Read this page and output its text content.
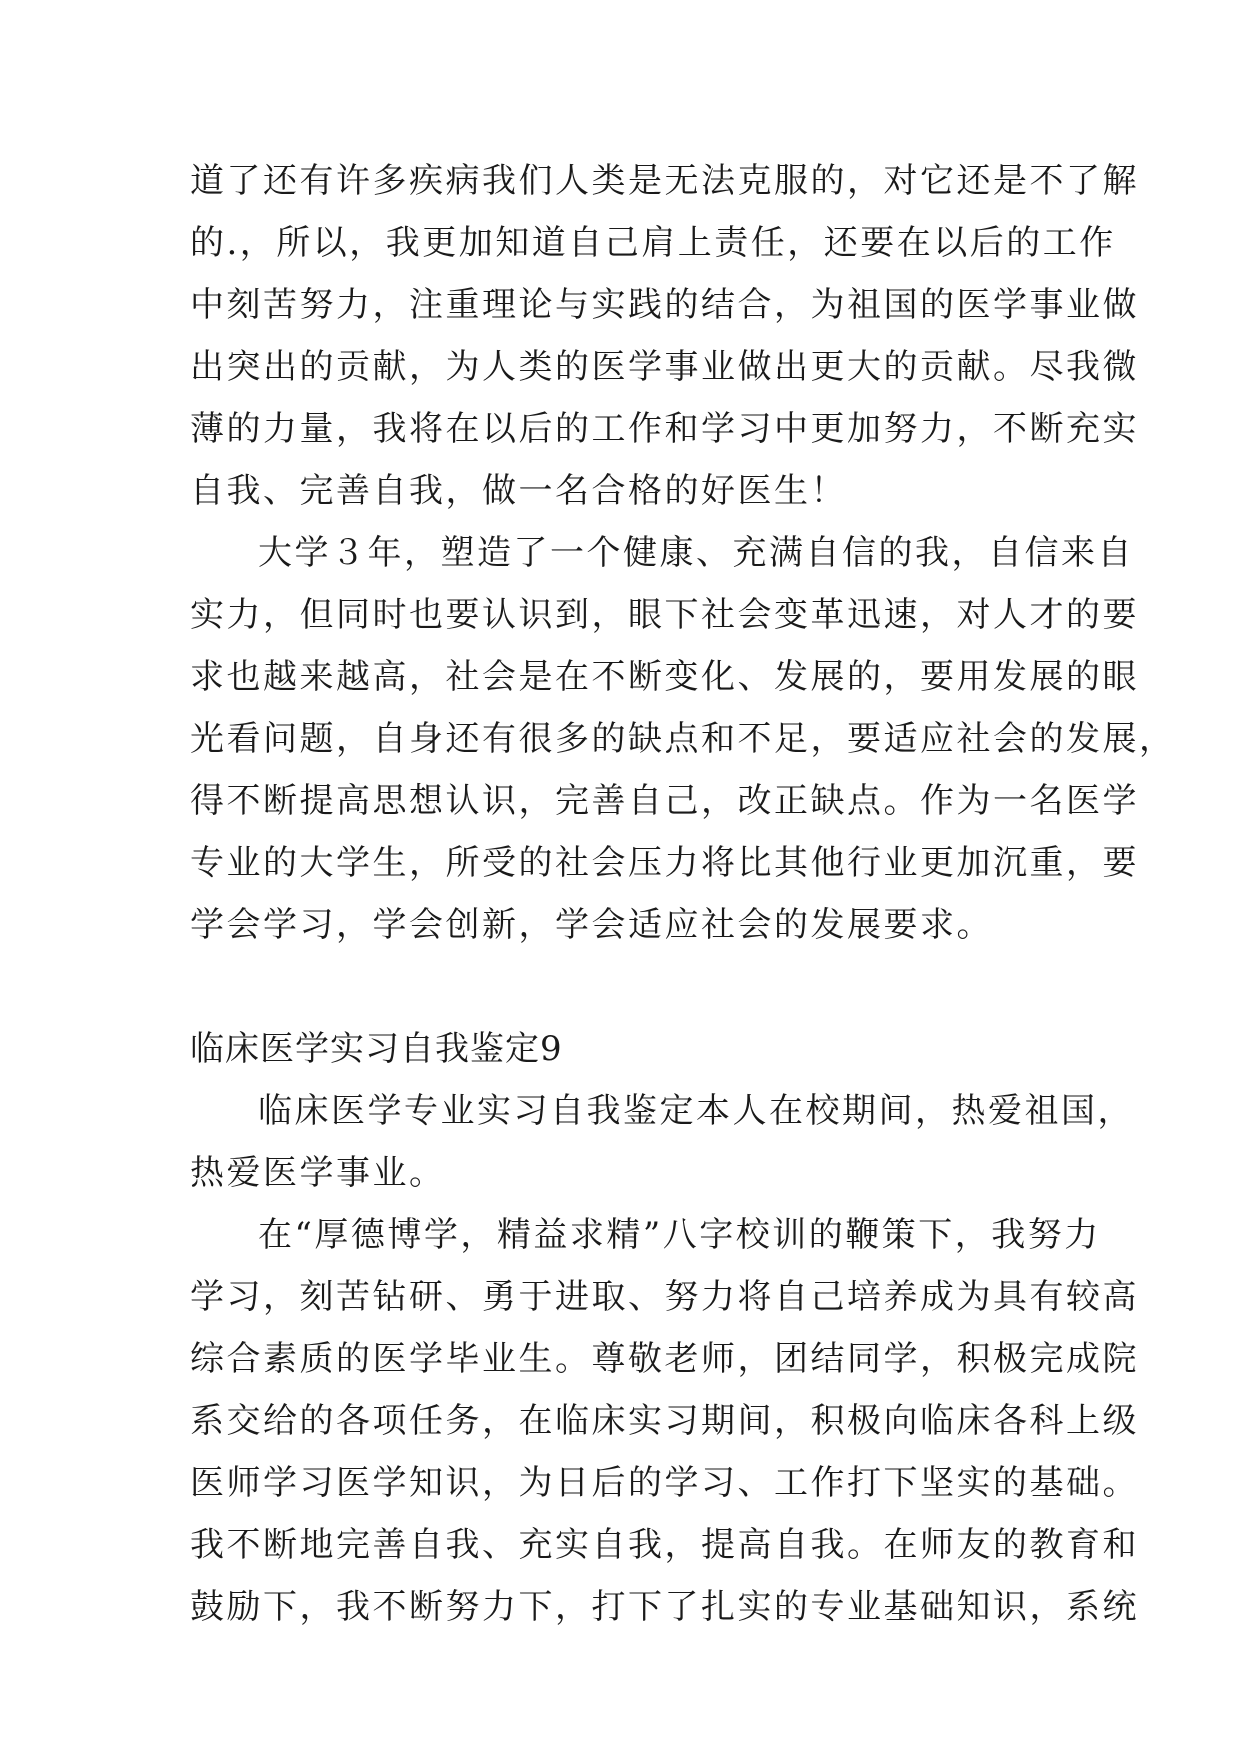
道了还有许多疾病我们人类是无法克服的，对它还是不了解
的.，所以，我更加知道自己肩上责任，还要在以后的工作
中刻苦努力，注重理论与实践的结合，为祖国的医学事业做
出突出的贡献，为人类的医学事业做出更大的贡献。尽我微
薄的力量，我将在以后的工作和学习中更加努力，不断充实
自我、完善自我，做一名合格的好医生！
大学３年，塑造了一个健康、充满自信的我，自信来自
实力，但同时也要认识到，眼下社会变革迅速，对人才的要
求也越来越高，社会是在不断变化、发展的，要用发展的眼
光看问题，自身还有很多的缺点和不足，要适应社会的发展，
得不断提高思想认识，完善自己，改正缺点。作为一名医学
专业的大学生，所受的社会压力将比其他行业更加沉重，要
学会学习，学会创新，学会适应社会的发展要求。
临床医学实习自我鉴定9
临床医学专业实习自我鉴定本人在校期间，热爱祖国，
热爱医学事业。
在“厚德博学，精益求精”八字校训的鞭策下，我努力
学习，刻苦钻研、勇于进取、努力将自己培养成为具有较高
综合素质的医学毕业生。尊敬老师，团结同学，积极完成院
系交给的各项任务，在临床实习期间，积极向临床各科上级
医师学习医学知识，为日后的学习、工作打下坚实的基础。
我不断地完善自我、充实自我，提高自我。在师友的教育和
鼓励下，我不断努力下，打下了扎实的专业基础知识，系统
